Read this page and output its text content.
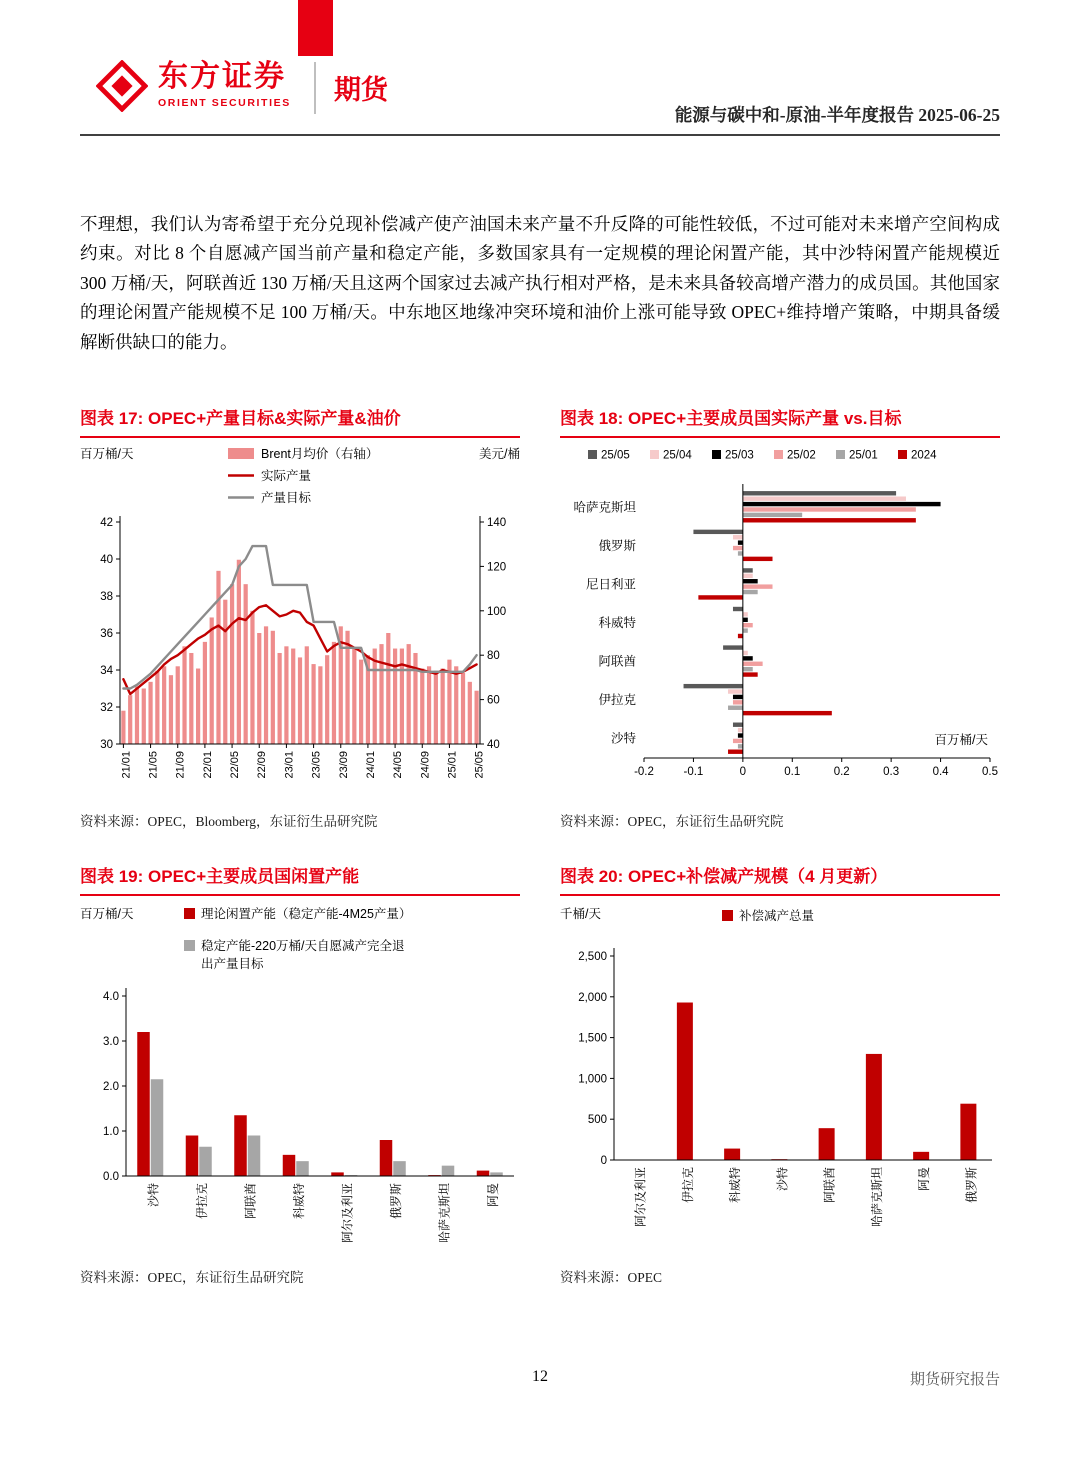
东方证券
ORIENT SECURITIES 期货
能源与碳中和-原油-半年度报告 2025-06-25

不理想，我们认为寄希望于充分兑现补偿减产使产油国未来产量不升反降的可能性较低，不过可能对未来增产空间构成约束。对比 8 个自愿减产国当前产量和稳定产能，多数国家具有一定规模的理论闲置产能，其中沙特闲置产能规模近 300 万桶/天，阿联酋近 130 万桶/天且这两个国家过去减产执行相对严格，是未来具备较高增产潜力的成员国。其他国家的理论闲置产能规模不足 100 万桶/天。中东地区地缘冲突环境和油价上涨可能导致 OPEC+维持增产策略，中期具备缓解断供缺口的能力。

图表 17: OPEC+产量目标&实际产量&油价
30
32
34
36
38
40
42
40
60
80
100
120
140
21/01 21/05 21/09 22/01 22/05 22/09 23/01 23/05 23/09 24/01 24/05 24/09 25/01 25/05
Brent月均价（右轴）
实际产量
产量目标
百万桶/天	美元/桶
资料来源：OPEC，Bloomberg，东证衍生品研究院
图表 18: OPEC+主要成员国实际产量 vs.目标
哈萨克斯坦
俄罗斯
尼日利亚
科威特
阿联酋
伊拉克
沙特
-0.2	-0.1	0	0.1	0.2	0.3	0.4	0.5
25/05	25/04	25/03	25/02	25/01	2024
百万桶/天
资料来源：OPEC，东证衍生品研究院
图表 19: OPEC+主要成员国闲置产能
沙特	伊拉克	阿联酋	科威特	阿尔及利亚	俄罗斯	哈萨克斯坦	阿曼
0.0
1.0
2.0
3.0
4.0
理论闲置产能（稳定产能-4M25产量）
稳定产能-220万桶/天自愿减产完全退
出产量目标
百万桶/天
资料来源：OPEC，东证衍生品研究院
图表 20: OPEC+补偿减产规模（4 月更新）
阿尔及利亚	伊拉克	科威特	沙特	阿联酋	哈萨克斯坦	阿曼	俄罗斯
0
500
1,000
1,500
2,000
2,500
补偿减产总量
千桶/天
资料来源：OPEC
12	期货研究报告
